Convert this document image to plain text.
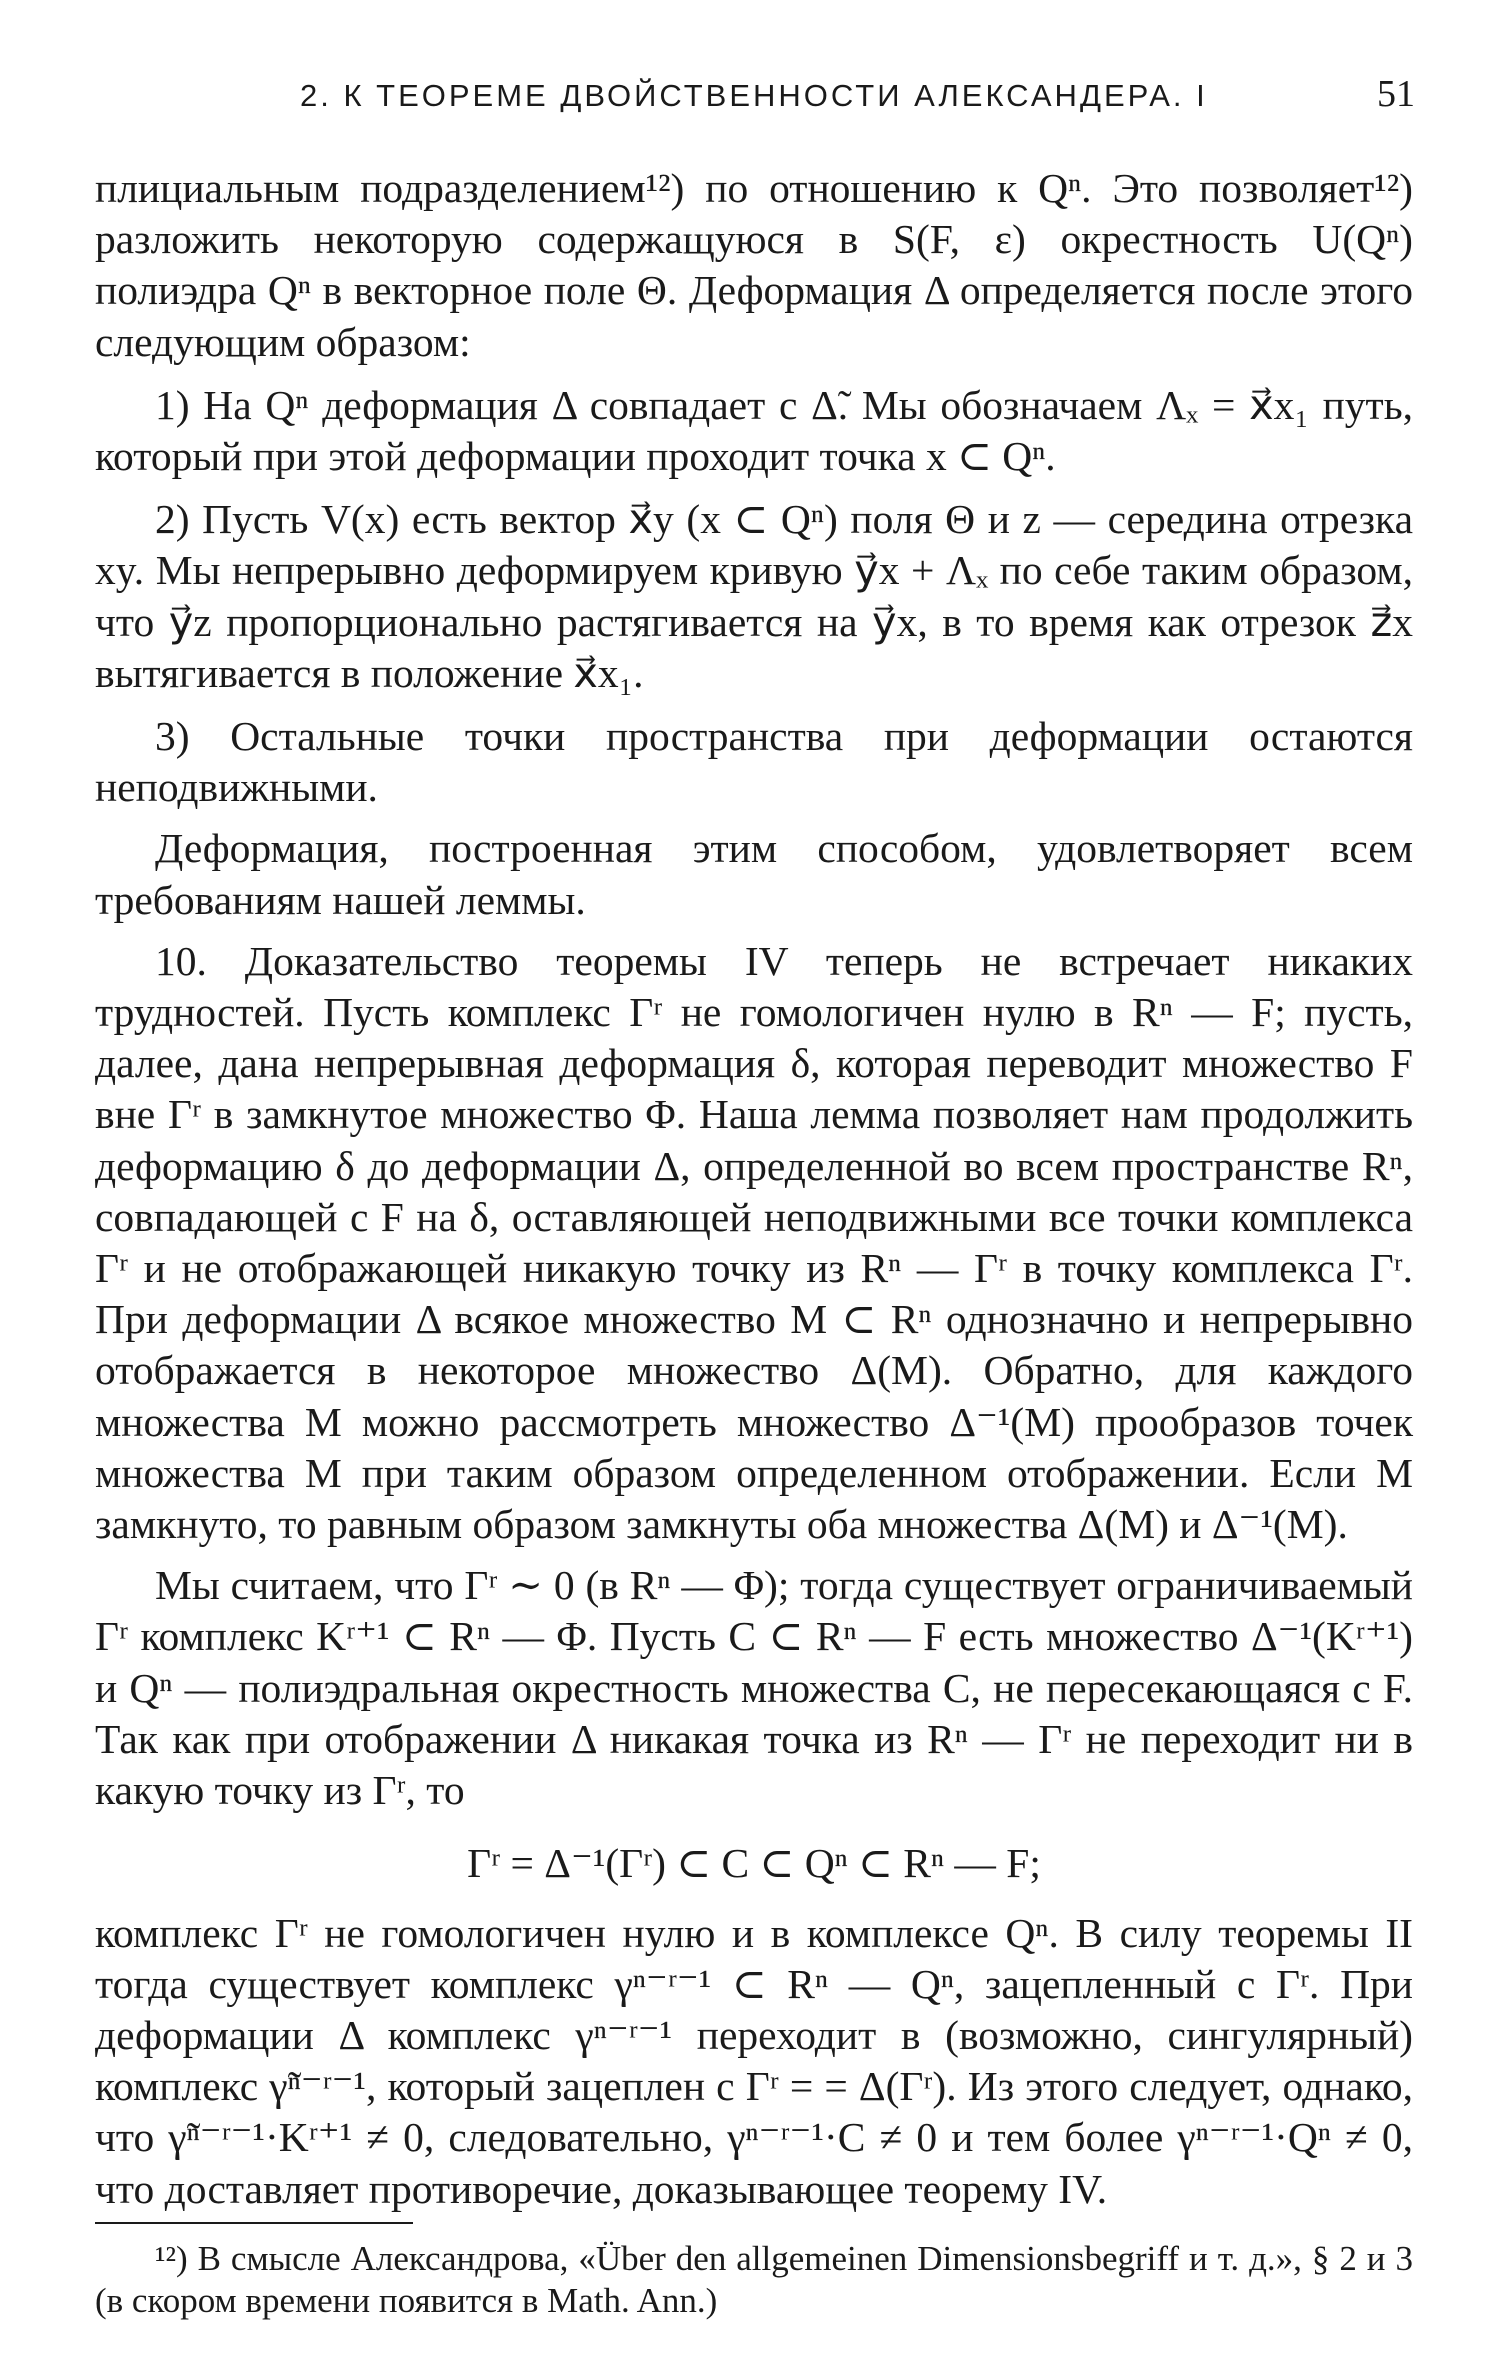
2. К ТЕОРЕМЕ ДВОЙСТВЕННОСТИ АЛЕКСАНДЕРА. I	51

плициальным подразделением¹²) по отношению к Qⁿ. Это позволяет¹²) разложить некоторую содержащуюся в S(F, ε) окрестность U(Qⁿ) полиэдра Qⁿ в векторное поле Θ. Деформация Δ определяется после этого следующим образом:

1) На Qⁿ деформация Δ совпадает с Δ̃. Мы обозначаем Λₓ = x⃗x₁ путь, который при этой деформации проходит точка x ⊂ Qⁿ.

2) Пусть V(x) есть вектор x⃗y (x ⊂ Qⁿ) поля Θ и z — середина отрезка xy. Мы непрерывно деформируем кривую y⃗x + Λₓ по себе таким образом, что y⃗z пропорционально растягивается на y⃗x, в то время как отрезок z⃗x вытягивается в положение x⃗x₁.

3) Остальные точки пространства при деформации остаются неподвижными.

Деформация, построенная этим способом, удовлетворяет всем требованиям нашей леммы.

10. Доказательство теоремы IV теперь не встречает никаких трудностей. Пусть комплекс Γʳ не гомологичен нулю в Rⁿ — F; пусть, далее, дана непрерывная деформация δ, которая переводит множество F вне Γʳ в замкнутое множество Φ. Наша лемма позволяет нам продолжить деформацию δ до деформации Δ, определенной во всем пространстве Rⁿ, совпадающей с F на δ, оставляющей неподвижными все точки комплекса Γʳ и не отображающей никакую точку из Rⁿ — Γʳ в точку комплекса Γʳ. При деформации Δ всякое множество M ⊂ Rⁿ однозначно и непрерывно отображается в некоторое множество Δ(M). Обратно, для каждого множества M можно рассмотреть множество Δ⁻¹(M) прообразов точек множества M при таким образом определенном отображении. Если M замкнуто, то равным образом замкнуты оба множества Δ(M) и Δ⁻¹(M).

Мы считаем, что Γʳ ∼ 0 (в Rⁿ — Φ); тогда существует ограничиваемый Γʳ комплекс Kʳ⁺¹ ⊂ Rⁿ — Φ. Пусть C ⊂ Rⁿ — F есть множество Δ⁻¹(Kʳ⁺¹) и Qⁿ — полиэдральная окрестность множества C, не пересекающаяся с F. Так как при отображении Δ никакая точка из Rⁿ — Γʳ не переходит ни в какую точку из Γʳ, то

Γʳ = Δ⁻¹(Γʳ) ⊂ C ⊂ Qⁿ ⊂ Rⁿ — F;

комплекс Γʳ не гомологичен нулю и в комплексе Qⁿ. В силу теоремы II тогда существует комплекс γⁿ⁻ʳ⁻¹ ⊂ Rⁿ — Qⁿ, зацепленный с Γʳ. При деформации Δ комплекс γⁿ⁻ʳ⁻¹ переходит в (возможно, сингулярный) комплекс γ̃ⁿ⁻ʳ⁻¹, который зацеплен с Γʳ = = Δ(Γʳ). Из этого следует, однако, что γ̃ⁿ⁻ʳ⁻¹·Kʳ⁺¹ ≠ 0, следовательно, γⁿ⁻ʳ⁻¹·C ≠ 0 и тем более γⁿ⁻ʳ⁻¹·Qⁿ ≠ 0, что доставляет противоречие, доказывающее теорему IV.

¹²) В смысле Александрова, «Über den allgemeinen Dimensionsbegriff и т. д.», § 2 и 3 (в скором времени появится в Math. Ann.)
